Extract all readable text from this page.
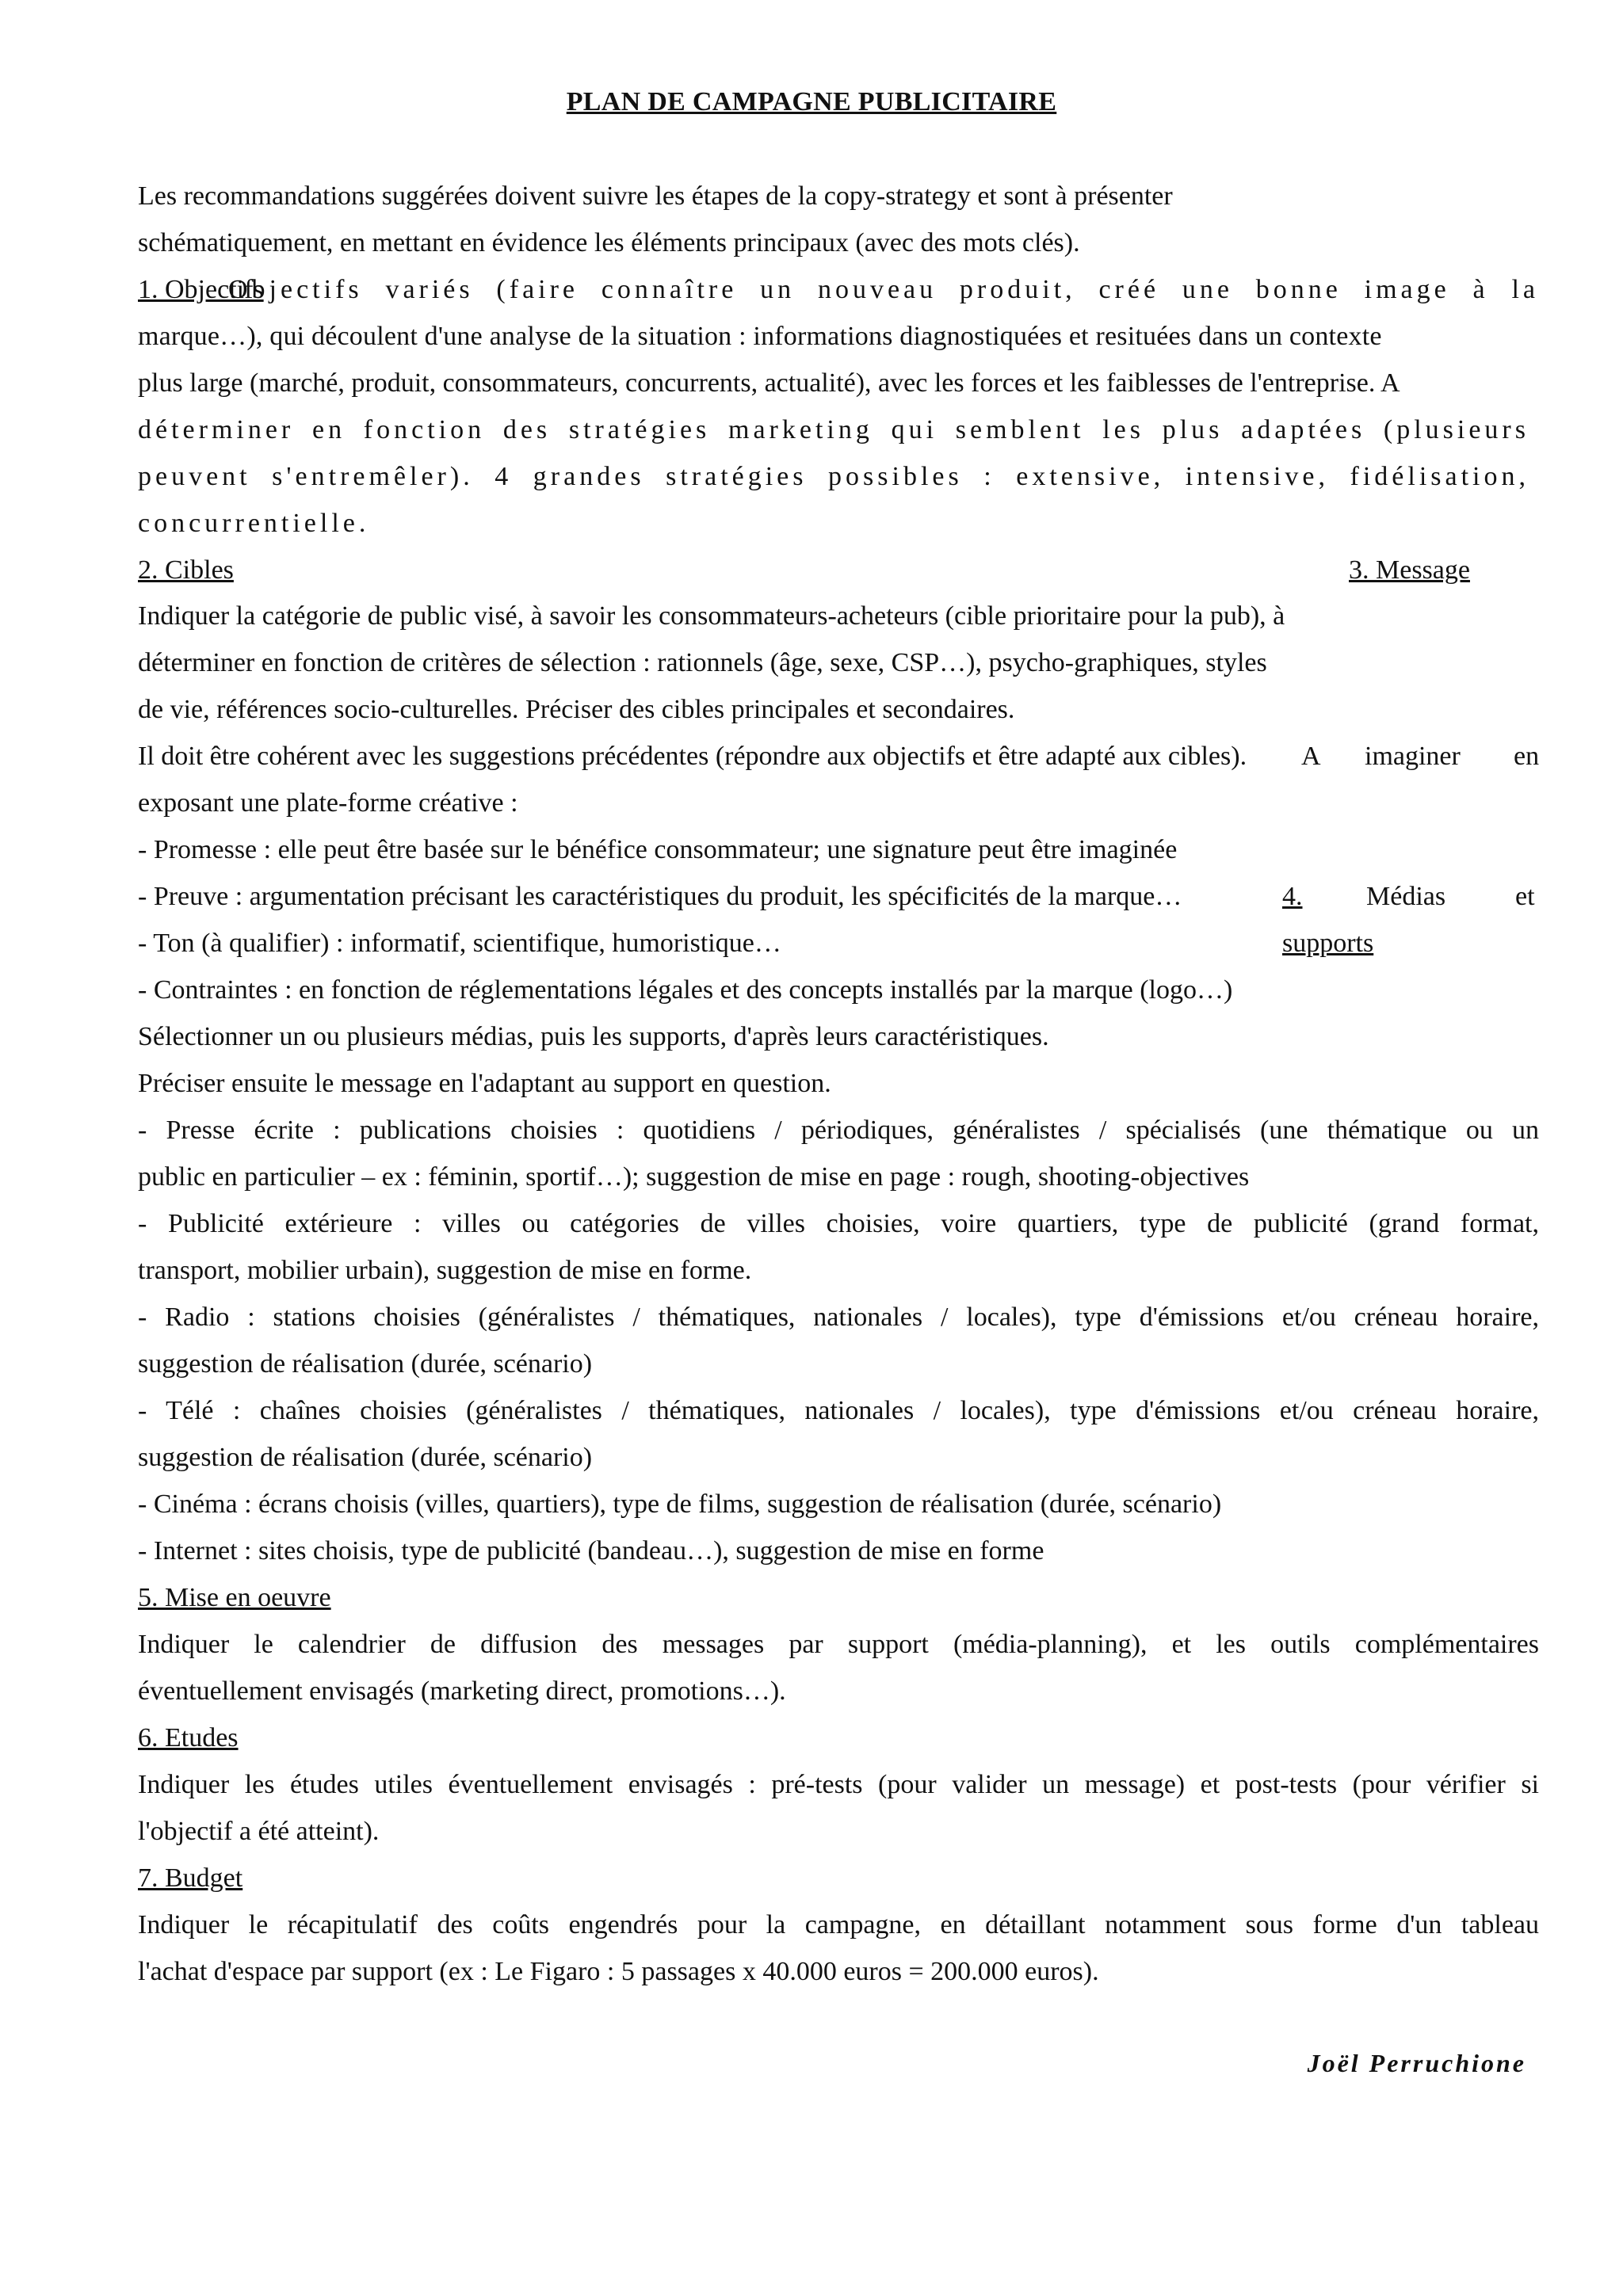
PLAN DE CAMPAGNE PUBLICITAIRE
Les recommandations suggérées doivent suivre les étapes de la copy-strategy et sont à présenter
schématiquement, en mettant en évidence les éléments principaux (avec des mots clés).
1. Objectifs
Objectifs variés (faire connaître un nouveau produit, créé une bonne image à la
marque…), qui découlent d'une analyse de la situation : informations diagnostiquées et resituées dans un contexte
plus large (marché, produit, consommateurs, concurrents, actualité), avec les forces et les faiblesses de l'entreprise. A
déterminer en fonction des stratégies marketing qui semblent les plus adaptées (plusieurs
peuvent s'entremêler). 4 grandes stratégies possibles : extensive, intensive, fidélisation,
concurrentielle.
2. Cibles	3. Message
Indiquer la catégorie de public visé, à savoir les consommateurs-acheteurs (cible prioritaire pour la pub), à
déterminer en fonction de critères de sélection : rationnels (âge, sexe, CSP…), psycho-graphiques, styles
de vie, références socio-culturelles. Préciser des cibles principales et secondaires.
Il doit être cohérent avec les suggestions précédentes (répondre aux objectifs et être adapté aux cibles). A imaginer en
exposant une plate-forme créative :
- Promesse : elle peut être basée sur le bénéfice consommateur; une signature peut être imaginée
- Preuve : argumentation précisant les caractéristiques du produit, les spécificités de la marque…	4. Médias	et
supports
- Ton (à qualifier) : informatif, scientifique, humoristique…
- Contraintes : en fonction de réglementations légales et des concepts installés par la marque (logo…)
Sélectionner un ou plusieurs médias, puis les supports, d'après leurs caractéristiques.
Préciser ensuite le message en l'adaptant au support en question.
- Presse écrite : publications choisies : quotidiens / périodiques, généralistes / spécialisés (une thématique ou un
public en particulier – ex : féminin, sportif…); suggestion de mise en page : rough, shooting-objectives
- Publicité extérieure : villes ou catégories de villes choisies, voire quartiers, type de publicité (grand format,
transport, mobilier urbain), suggestion de mise en forme.
- Radio : stations choisies (généralistes / thématiques, nationales / locales), type d'émissions et/ou créneau horaire,
suggestion de réalisation (durée, scénario)
- Télé : chaînes choisies (généralistes / thématiques, nationales / locales), type d'émissions et/ou créneau horaire,
suggestion de réalisation (durée, scénario)
- Cinéma : écrans choisis (villes, quartiers), type de films, suggestion de réalisation (durée, scénario)
- Internet : sites choisis, type de publicité (bandeau…), suggestion de mise en forme
5. Mise en oeuvre
Indiquer le calendrier de diffusion des messages par support (média-planning), et les outils complémentaires
éventuellement envisagés (marketing direct, promotions…).
6. Etudes
Indiquer les études utiles éventuellement envisagés : pré-tests (pour valider un message) et post-tests (pour vérifier si
l'objectif a été atteint).
7. Budget
Indiquer le récapitulatif des coûts engendrés pour la campagne, en détaillant notamment sous forme d'un tableau
l'achat d'espace par support (ex : Le Figaro : 5 passages x 40.000 euros = 200.000 euros).
Joël Perruchione
